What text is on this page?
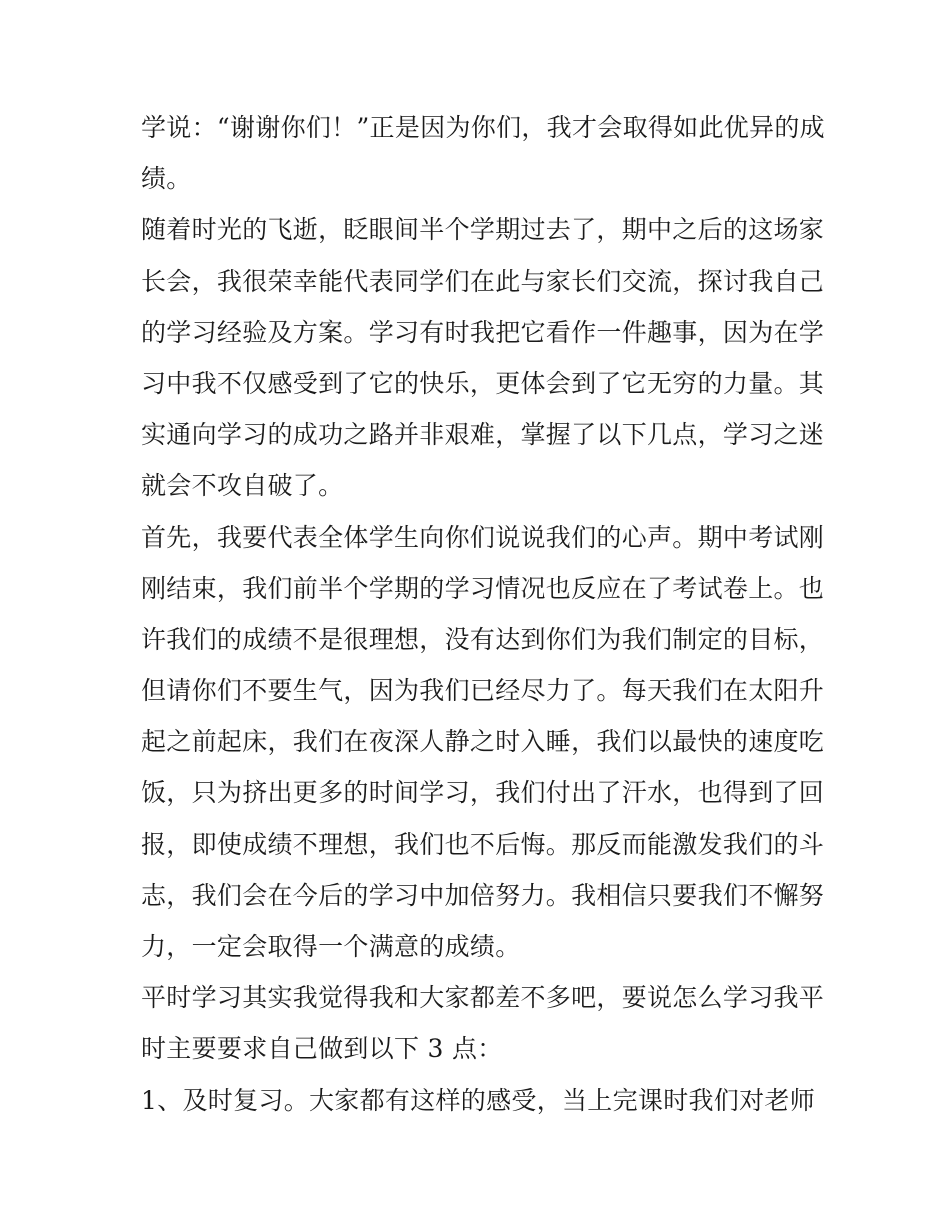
学说：“谢谢你们！”正是因为你们，我才会取得如此优异的成
绩。
随着时光的飞逝，眨眼间半个学期过去了，期中之后的这场家
长会，我很荣幸能代表同学们在此与家长们交流，探讨我自己
的学习经验及方案。学习有时我把它看作一件趣事，因为在学
习中我不仅感受到了它的快乐，更体会到了它无穷的力量。其
实通向学习的成功之路并非艰难，掌握了以下几点，学习之迷
就会不攻自破了。
首先，我要代表全体学生向你们说说我们的心声。期中考试刚
刚结束，我们前半个学期的学习情况也反应在了考试卷上。也
许我们的成绩不是很理想，没有达到你们为我们制定的目标，
但请你们不要生气，因为我们已经尽力了。每天我们在太阳升
起之前起床，我们在夜深人静之时入睡，我们以最快的速度吃
饭，只为挤出更多的时间学习，我们付出了汗水，也得到了回
报，即使成绩不理想，我们也不后悔。那反而能激发我们的斗
志，我们会在今后的学习中加倍努力。我相信只要我们不懈努
力，一定会取得一个满意的成绩。
平时学习其实我觉得我和大家都差不多吧，要说怎么学习我平
时主要要求自己做到以下 3 点：
1、及时复习。大家都有这样的感受，当上完课时我们对老师
